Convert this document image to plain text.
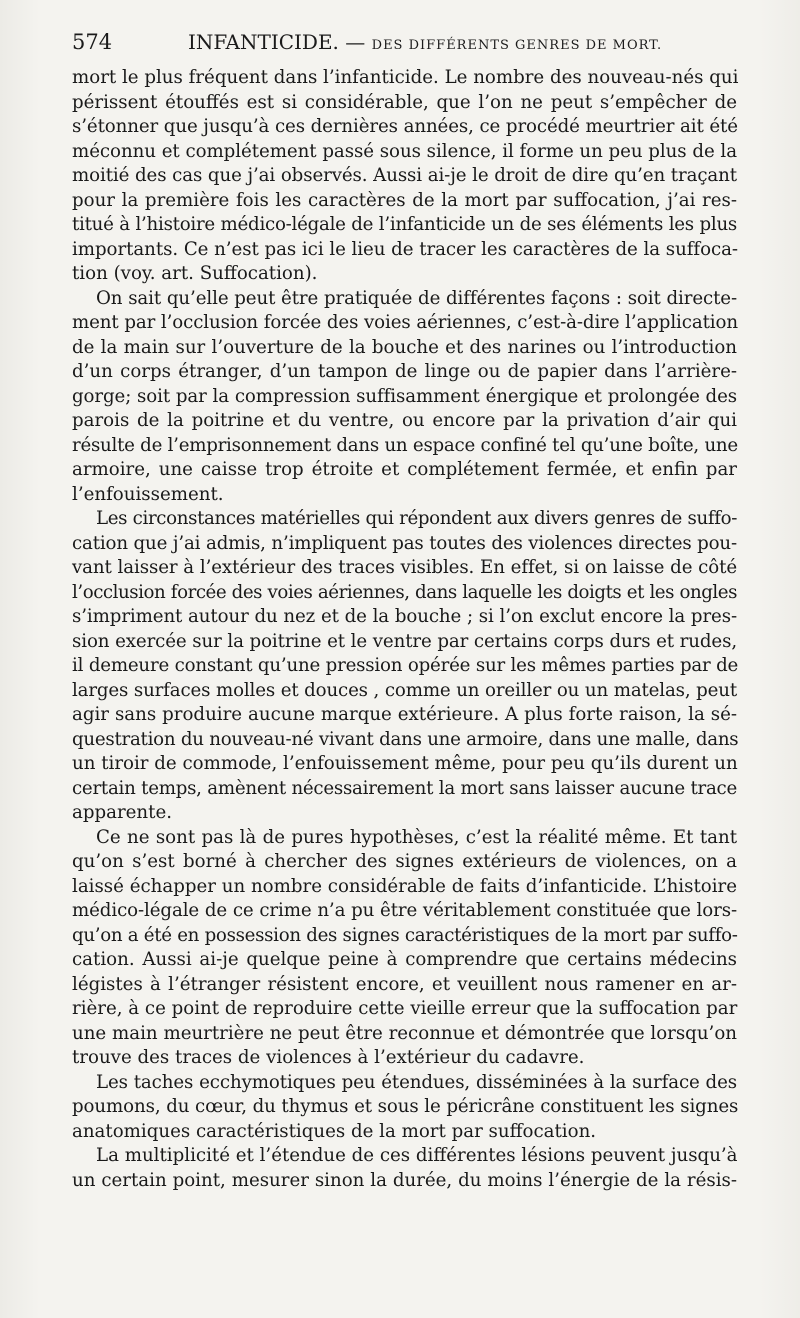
574	INFANTICIDE. — DES DIFFÉRENTS GENRES DE MORT.
mort le plus fréquent dans l’infanticide. Le nombre des nouveau-nés qui
périssent étouffés est si considérable, que l’on ne peut s’empêcher de
s’étonner que jusqu’à ces dernières années, ce procédé meurtrier ait été
méconnu et complétement passé sous silence, il forme un peu plus de la
moitié des cas que j’ai observés. Aussi ai-je le droit de dire qu’en traçant
pour la première fois les caractères de la mort par suffocation, j’ai res-
titué à l’histoire médico-légale de l’infanticide un de ses éléments les plus
importants. Ce n’est pas ici le lieu de tracer les caractères de la suffoca-
tion (voy. art. Suffocation).
On sait qu’elle peut être pratiquée de différentes façons : soit directe-
ment par l’occlusion forcée des voies aériennes, c’est-à-dire l’application
de la main sur l’ouverture de la bouche et des narines ou l’introduction
d’un corps étranger, d’un tampon de linge ou de papier dans l’arrière-
gorge; soit par la compression suffisamment énergique et prolongée des
parois de la poitrine et du ventre, ou encore par la privation d’air qui
résulte de l’emprisonnement dans un espace confiné tel qu’une boîte, une
armoire, une caisse trop étroite et complétement fermée, et enfin par
l’enfouissement.
Les circonstances matérielles qui répondent aux divers genres de suffo-
cation que j’ai admis, n’impliquent pas toutes des violences directes pou-
vant laisser à l’extérieur des traces visibles. En effet, si on laisse de côté
l’occlusion forcée des voies aériennes, dans laquelle les doigts et les ongles
s’impriment autour du nez et de la bouche ; si l’on exclut encore la pres-
sion exercée sur la poitrine et le ventre par certains corps durs et rudes,
il demeure constant qu’une pression opérée sur les mêmes parties par de
larges surfaces molles et douces , comme un oreiller ou un matelas, peut
agir sans produire aucune marque extérieure. A plus forte raison, la sé-
questration du nouveau-né vivant dans une armoire, dans une malle, dans
un tiroir de commode, l’enfouissement même, pour peu qu’ils durent un
certain temps, amènent nécessairement la mort sans laisser aucune trace
apparente.
Ce ne sont pas là de pures hypothèses, c’est la réalité même. Et tant
qu’on s’est borné à chercher des signes extérieurs de violences, on a
laissé échapper un nombre considérable de faits d’infanticide. L’histoire
médico-légale de ce crime n’a pu être véritablement constituée que lors-
qu’on a été en possession des signes caractéristiques de la mort par suffo-
cation. Aussi ai-je quelque peine à comprendre que certains médecins
légistes à l’étranger résistent encore, et veuillent nous ramener en ar-
rière, à ce point de reproduire cette vieille erreur que la suffocation par
une main meurtrière ne peut être reconnue et démontrée que lorsqu’on
trouve des traces de violences à l’extérieur du cadavre.
Les taches ecchymotiques peu étendues, disséminées à la surface des
poumons, du cœur, du thymus et sous le péricrâne constituent les signes
anatomiques caractéristiques de la mort par suffocation.
La multiplicité et l’étendue de ces différentes lésions peuvent jusqu’à
un certain point, mesurer sinon la durée, du moins l’énergie de la résis-
